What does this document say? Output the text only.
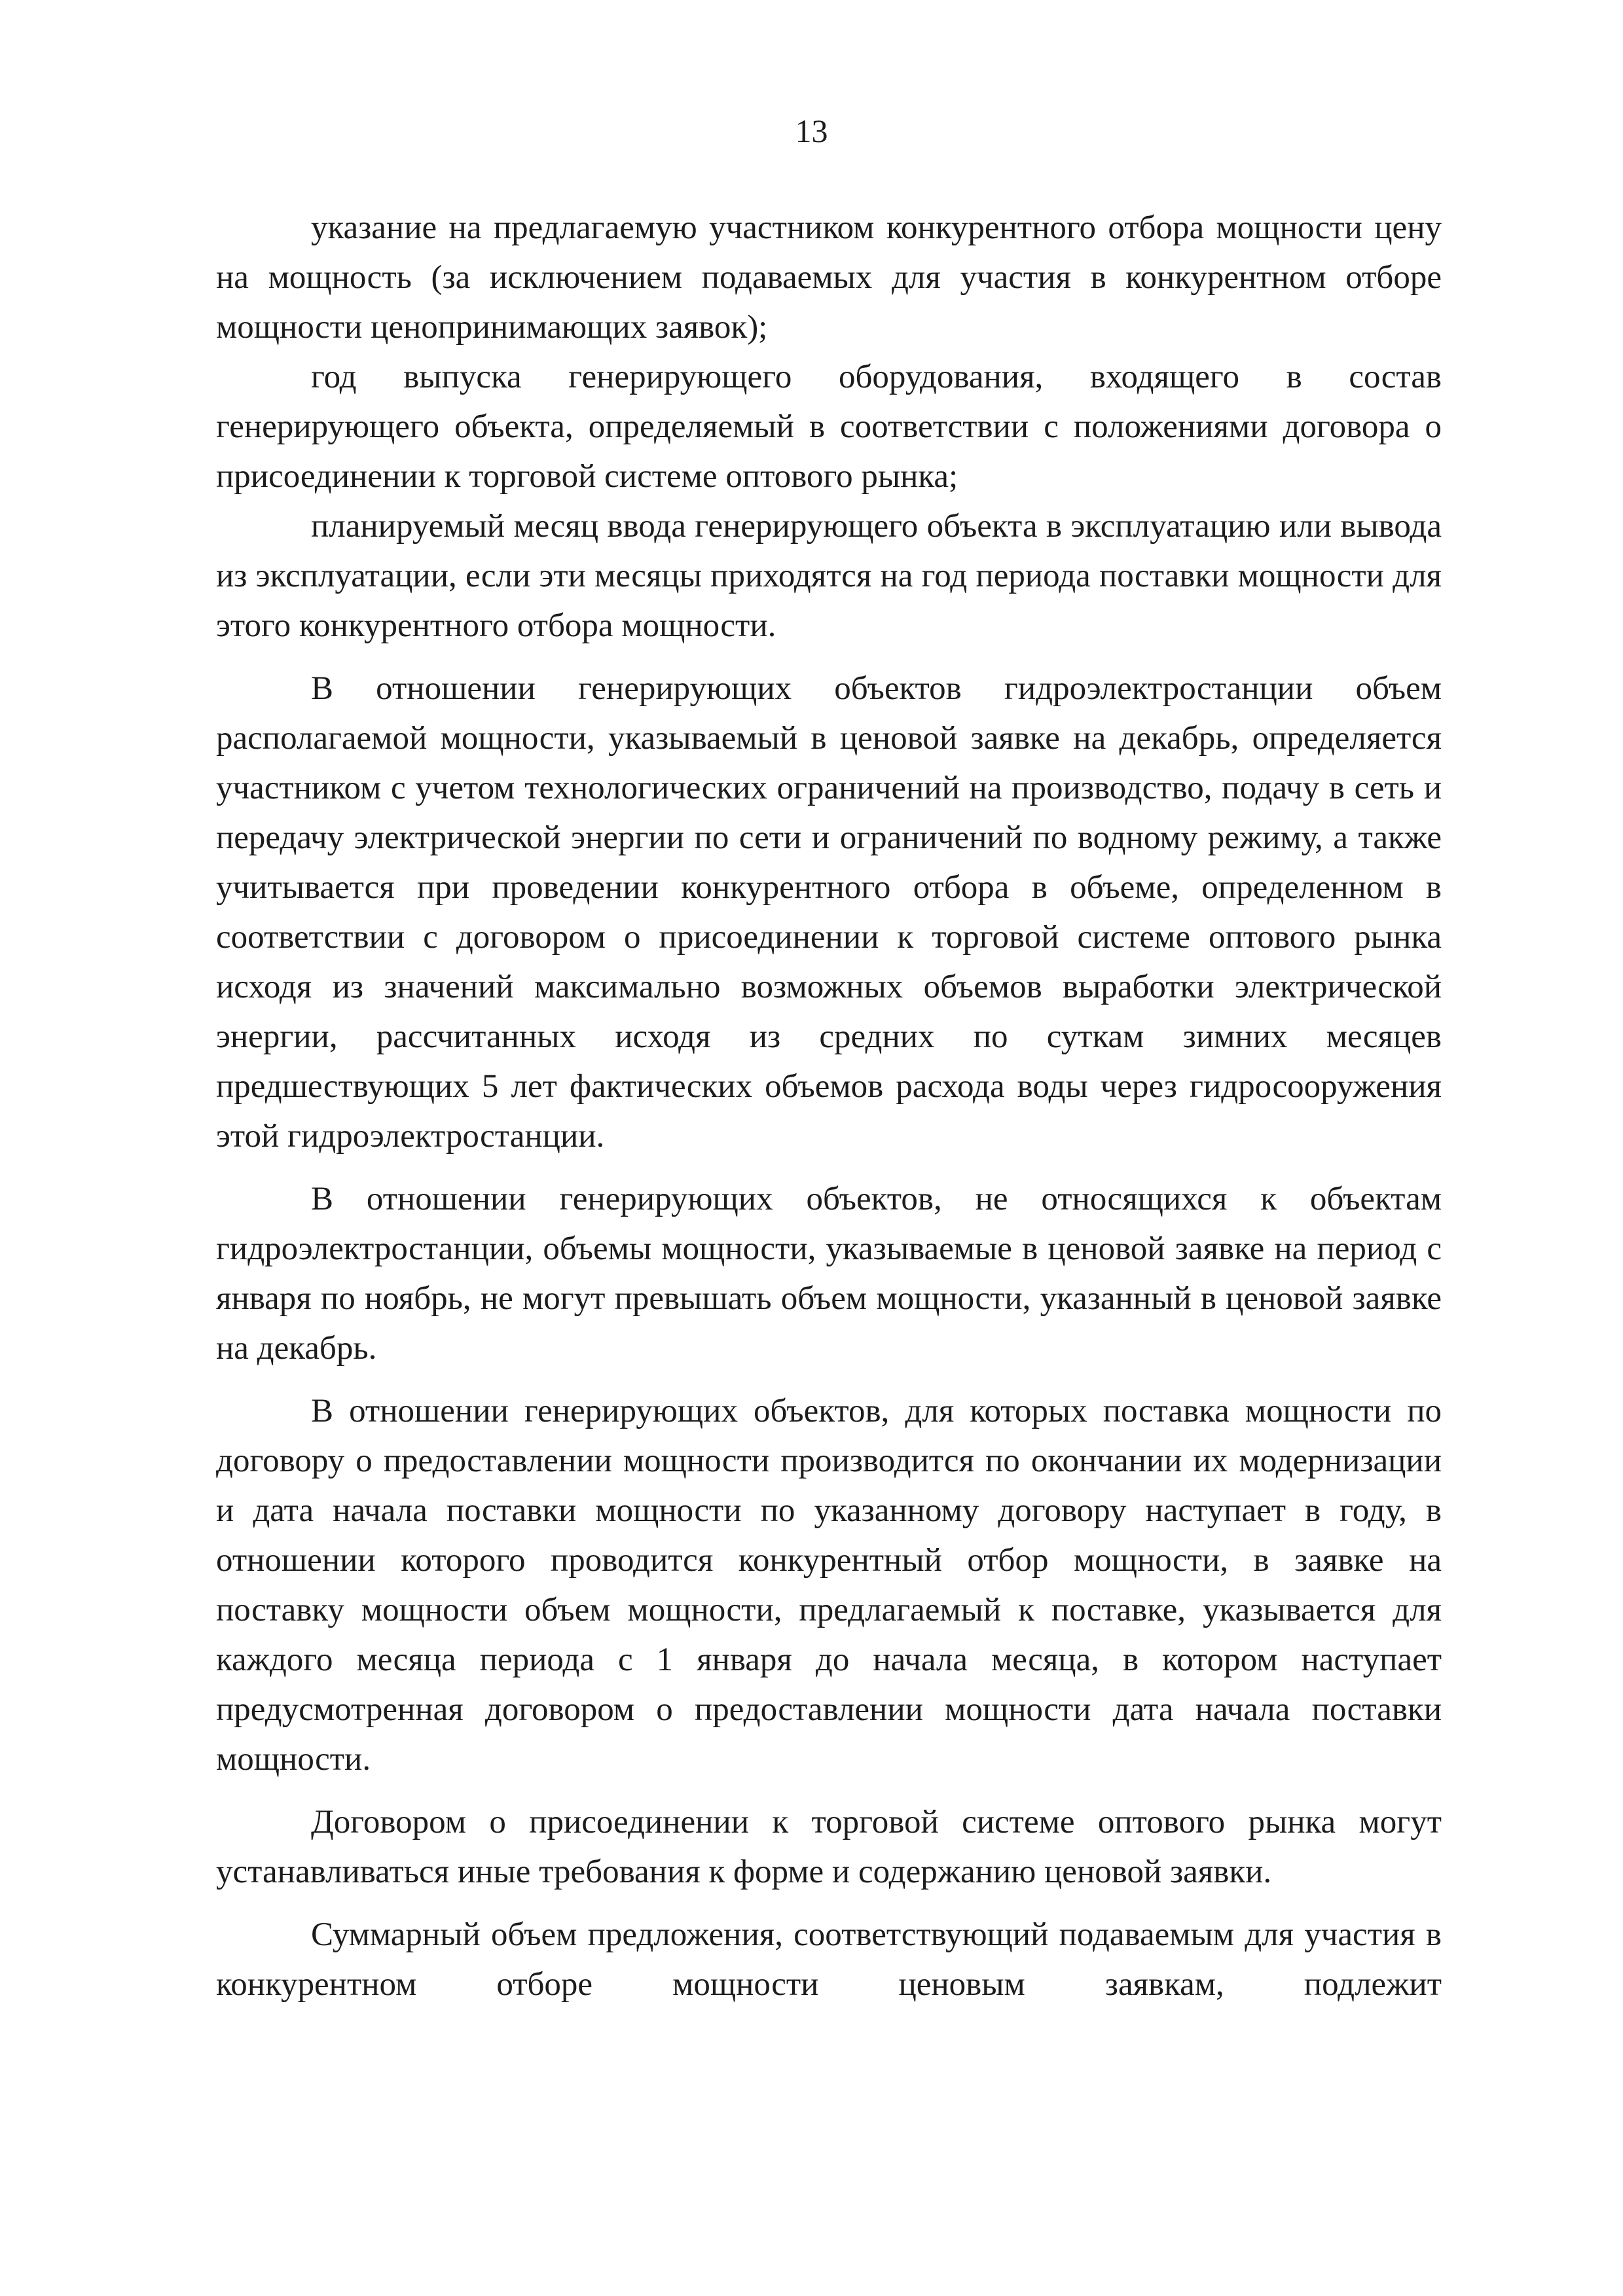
13

указание на предлагаемую участником конкурентного отбора мощности цену на мощность (за исключением подаваемых для участия в конкурентном отборе мощности ценопринимающих заявок);

год выпуска генерирующего оборудования, входящего в состав генерирующего объекта, определяемый в соответствии с положениями договора о присоединении к торговой системе оптового рынка;

планируемый месяц ввода генерирующего объекта в эксплуатацию или вывода из эксплуатации, если эти месяцы приходятся на год периода поставки мощности для этого конкурентного отбора мощности.

В отношении генерирующих объектов гидроэлектростанции объем располагаемой мощности, указываемый в ценовой заявке на декабрь, определяется участником с учетом технологических ограничений на производство, подачу в сеть и передачу электрической энергии по сети и ограничений по водному режиму, а также учитывается при проведении конкурентного отбора в объеме, определенном в соответствии с договором о присоединении к торговой системе оптового рынка исходя из значений максимально возможных объемов выработки электрической энергии, рассчитанных исходя из средних по суткам зимних месяцев предшествующих 5 лет фактических объемов расхода воды через гидросооружения этой гидроэлектростанции.

В отношении генерирующих объектов, не относящихся к объектам гидроэлектростанции, объемы мощности, указываемые в ценовой заявке на период с января по ноябрь, не могут превышать объем мощности, указанный в ценовой заявке на декабрь.

В отношении генерирующих объектов, для которых поставка мощности по договору о предоставлении мощности производится по окончании их модернизации и дата начала поставки мощности по указанному договору наступает в году, в отношении которого проводится конкурентный отбор мощности, в заявке на поставку мощности объем мощности, предлагаемый к поставке, указывается для каждого месяца периода с 1 января до начала месяца, в котором наступает предусмотренная договором о предоставлении мощности дата начала поставки мощности.

Договором о присоединении к торговой системе оптового рынка могут устанавливаться иные требования к форме и содержанию ценовой заявки.

Суммарный объем предложения, соответствующий подаваемым для участия в конкурентном отборе мощности ценовым заявкам, подлежит
